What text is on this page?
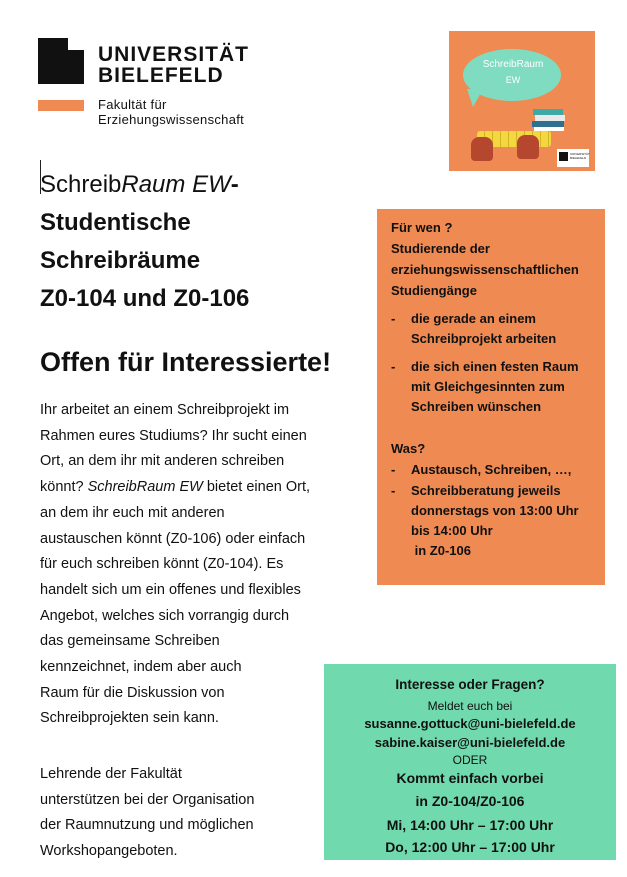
UNIVERSITÄT
BIELEFELD
Fakultät für
Erziehungswissenschaft
SchreibRaum
EW
UNIVERSITÄT BIELEFELD
SchreibRaum EW-
Studentische
Schreibräume
Z0-104 und Z0-106
Offen für Interessierte!
Ihr arbeitet an einem Schreibprojekt im
Rahmen eures Studiums? Ihr sucht einen
Ort, an dem ihr mit anderen schreiben
könnt? SchreibRaum EW bietet einen Ort,
an dem ihr euch mit anderen
austauschen könnt (Z0-106) oder einfach
für euch schreiben könnt (Z0-104). Es
handelt sich um ein offenes und flexibles
Angebot, welches sich vorrangig durch
das gemeinsame Schreiben
kennzeichnet, indem aber auch
Raum für die Diskussion von
Schreibprojekten sein kann.
Lehrende der Fakultät
unterstützen bei der Organisation
der Raumnutzung und möglichen
Workshopangeboten.
Für wen ?
Studierende der
erziehungswissenschaftlichen
Studiengänge
- die gerade an einem
Schreibprojekt arbeiten
- die sich einen festen Raum
mit Gleichgesinnten zum
Schreiben wünschen
Was?
- Austausch, Schreiben, …,
- Schreibberatung jeweils
donnerstags von 13:00 Uhr
bis 14:00 Uhr
in Z0-106
Interesse oder Fragen?
Meldet euch bei
susanne.gottuck@uni-bielefeld.de
sabine.kaiser@uni-bielefeld.de
ODER
Kommt einfach vorbei
in Z0-104/Z0-106
Mi, 14:00 Uhr – 17:00 Uhr
Do, 12:00 Uhr – 17:00 Uhr
